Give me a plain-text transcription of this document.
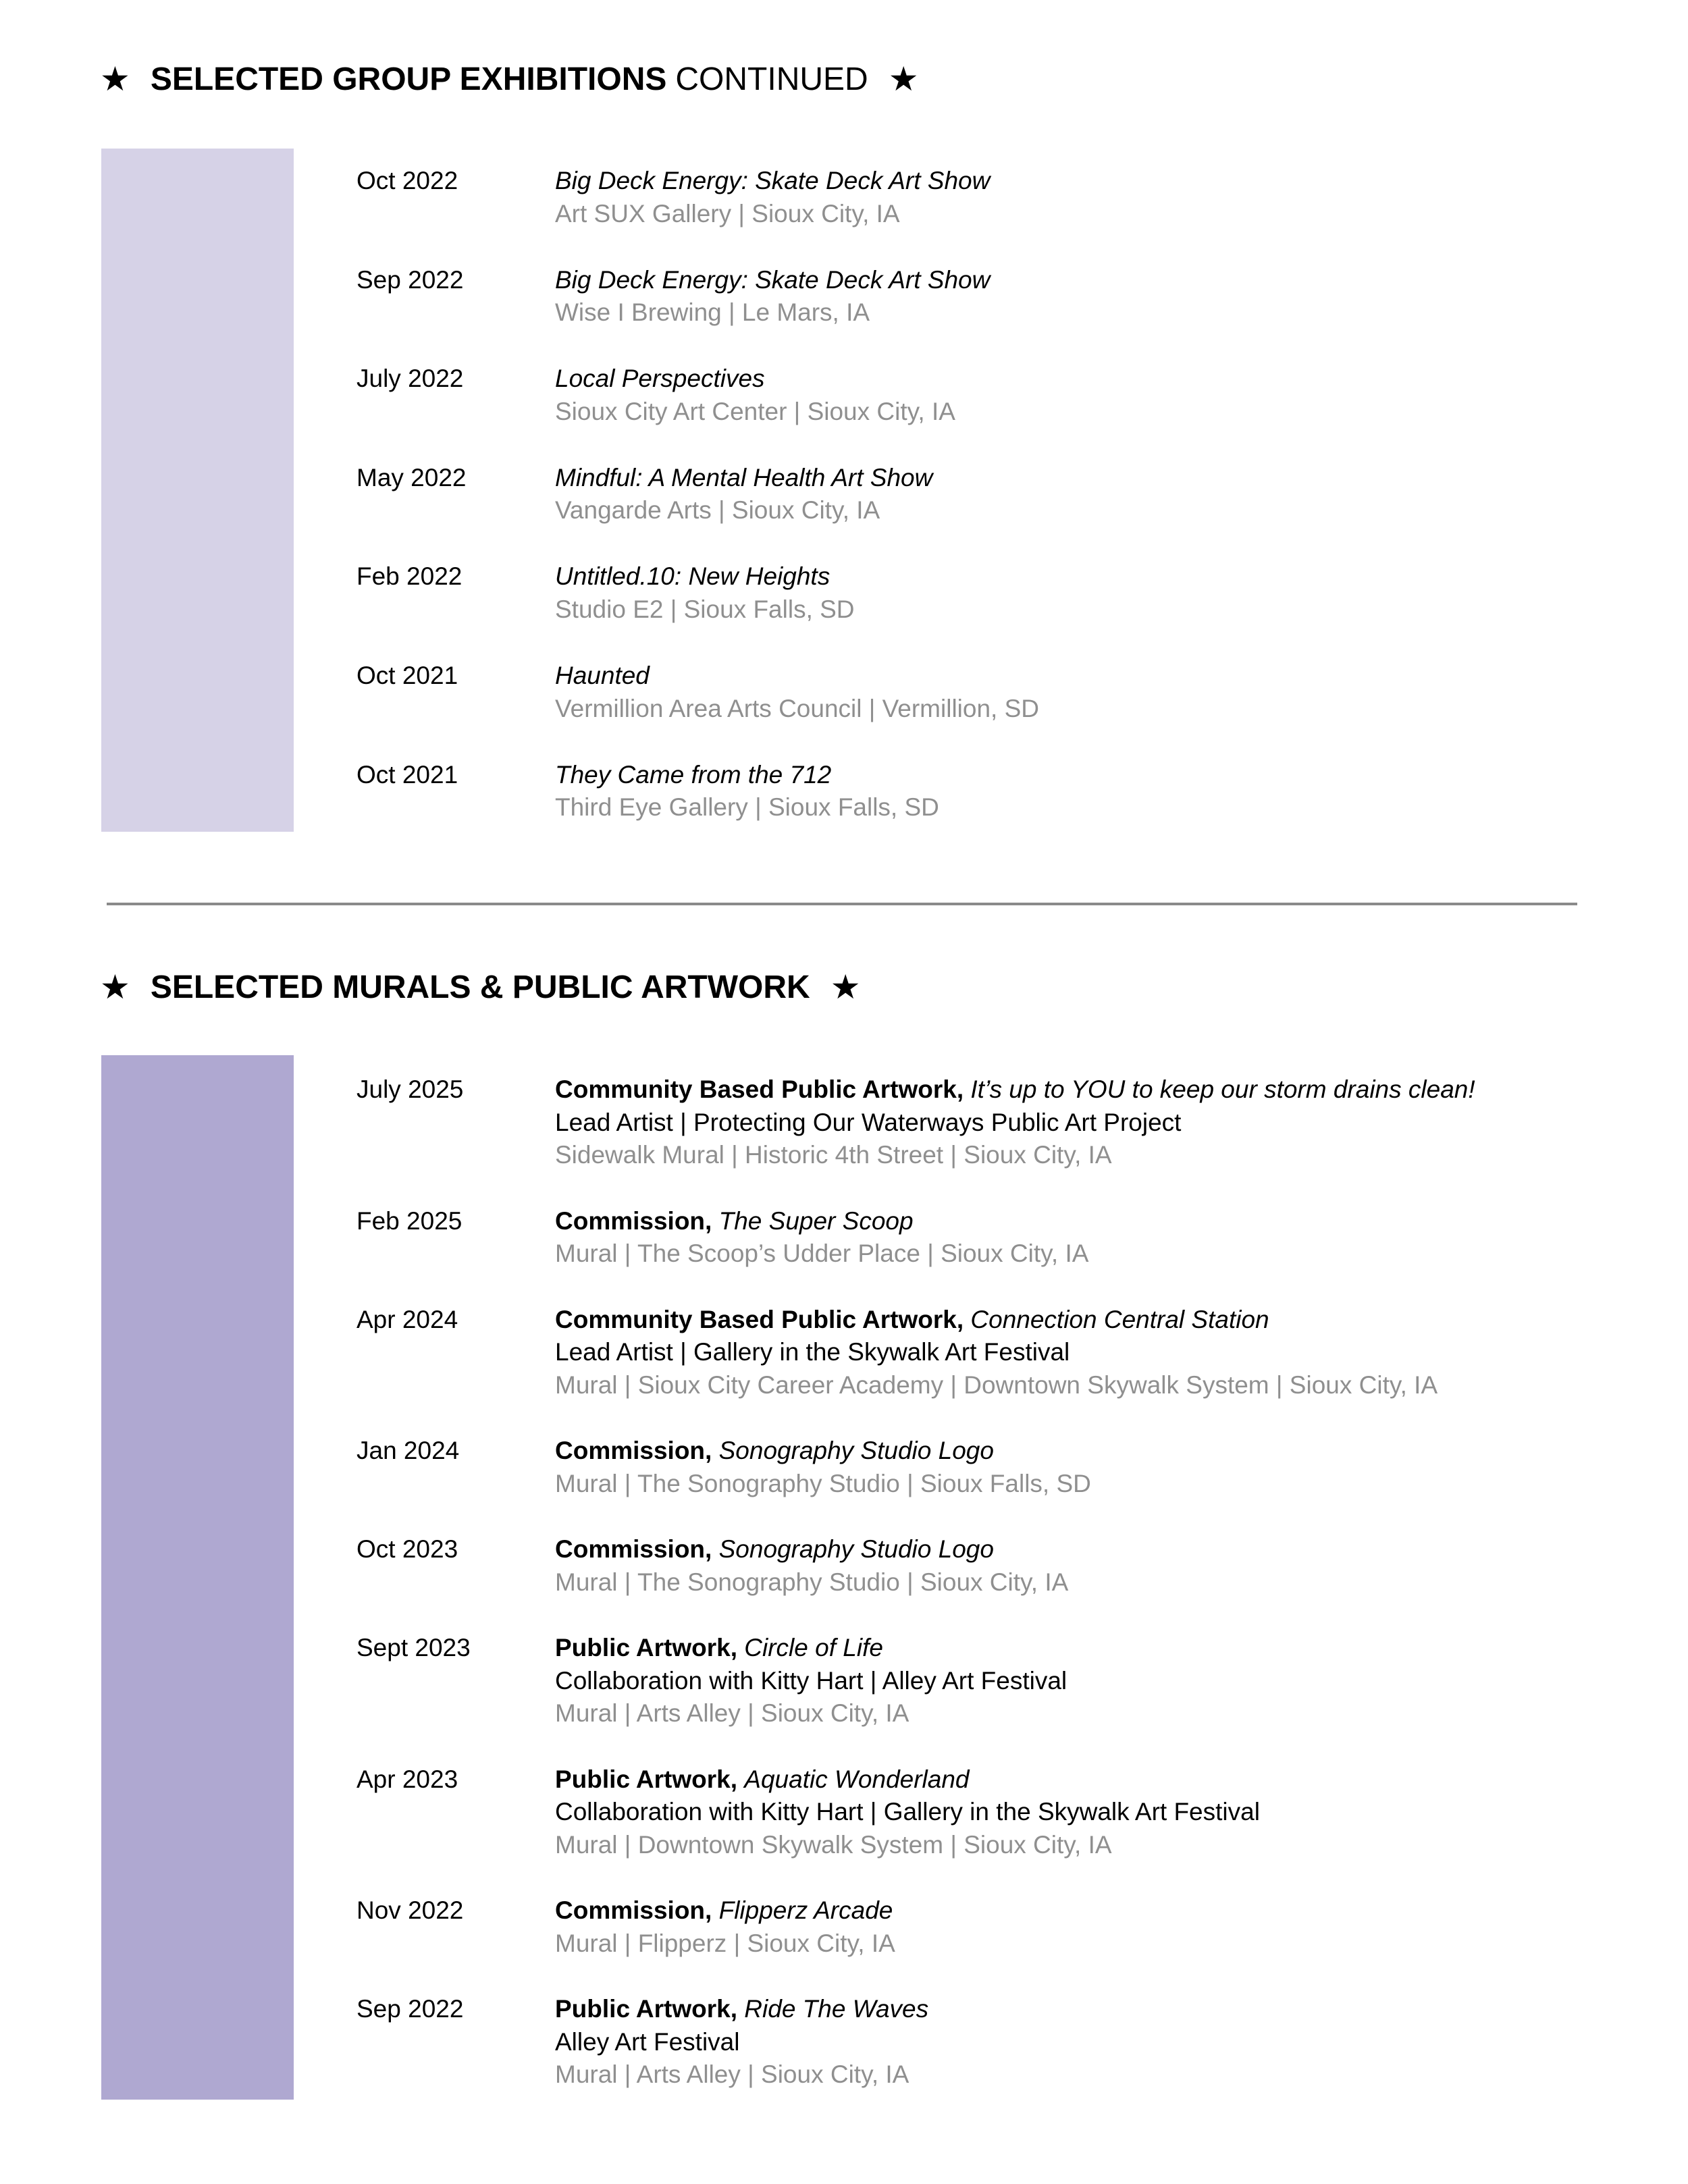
★ SELECTED GROUP EXHIBITIONS CONTINUED ★
Oct 2022	Big Deck Energy: Skate Deck Art Show
Art SUX Gallery | Sioux City, IA
Sep 2022	Big Deck Energy: Skate Deck Art Show
Wise I Brewing | Le Mars, IA
July 2022	Local Perspectives
Sioux City Art Center | Sioux City, IA
May 2022	Mindful: A Mental Health Art Show
Vangarde Arts | Sioux City, IA
Feb 2022	Untitled.10: New Heights
Studio E2 | Sioux Falls, SD
Oct 2021	Haunted
Vermillion Area Arts Council | Vermillion, SD
Oct 2021	They Came from the 712
Third Eye Gallery | Sioux Falls, SD
★ SELECTED MURALS & PUBLIC ARTWORK ★
July 2025	Community Based Public Artwork, It’s up to YOU to keep our storm drains clean!
Lead Artist | Protecting Our Waterways Public Art Project
Sidewalk Mural | Historic 4th Street | Sioux City, IA
Feb 2025	Commission, The Super Scoop
Mural | The Scoop’s Udder Place | Sioux City, IA
Apr 2024	Community Based Public Artwork, Connection Central Station
Lead Artist | Gallery in the Skywalk Art Festival
Mural | Sioux City Career Academy | Downtown Skywalk System | Sioux City, IA
Jan 2024	Commission, Sonography Studio Logo
Mural | The Sonography Studio | Sioux Falls, SD
Oct 2023	Commission, Sonography Studio Logo
Mural | The Sonography Studio | Sioux City, IA
Sept 2023	Public Artwork, Circle of Life
Collaboration with Kitty Hart | Alley Art Festival
Mural | Arts Alley | Sioux City, IA
Apr 2023	Public Artwork, Aquatic Wonderland
Collaboration with Kitty Hart | Gallery in the Skywalk Art Festival
Mural | Downtown Skywalk System | Sioux City, IA
Nov 2022	Commission, Flipperz Arcade
Mural | Flipperz | Sioux City, IA
Sep 2022	Public Artwork, Ride The Waves
Alley Art Festival
Mural | Arts Alley | Sioux City, IA
